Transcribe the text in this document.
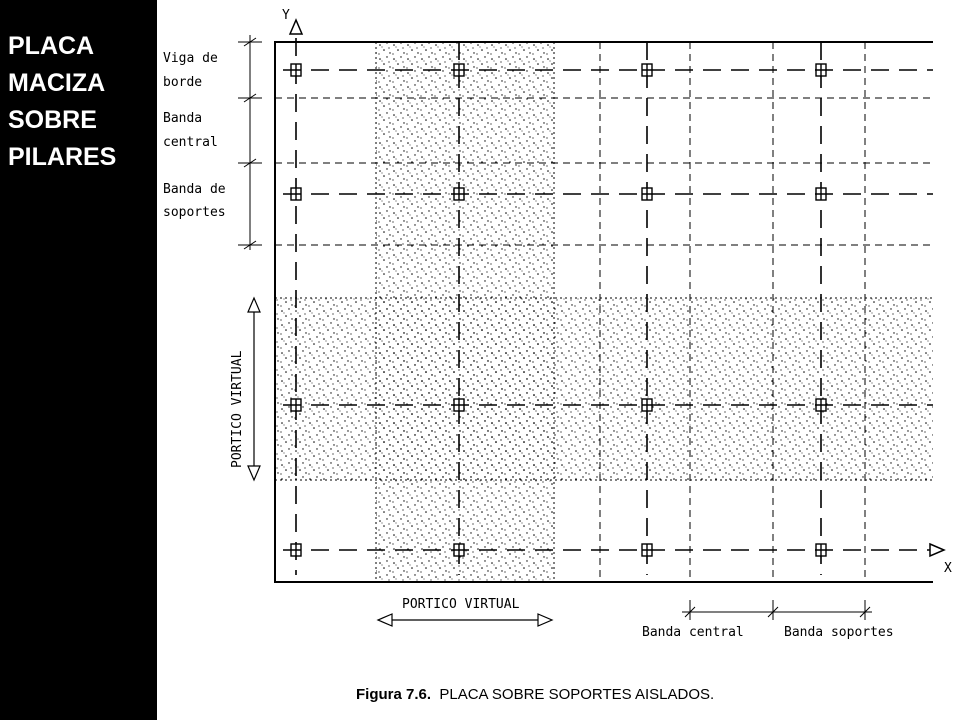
PLACA
MACIZA
SOBRE
PILARES
Y
X
Viga de
borde
Banda
central
Banda de
soportes
PORTICO VIRTUAL
PORTICO VIRTUAL
Banda central	Banda soportes

Figura 7.6. PLACA SOBRE SOPORTES AISLADOS.
